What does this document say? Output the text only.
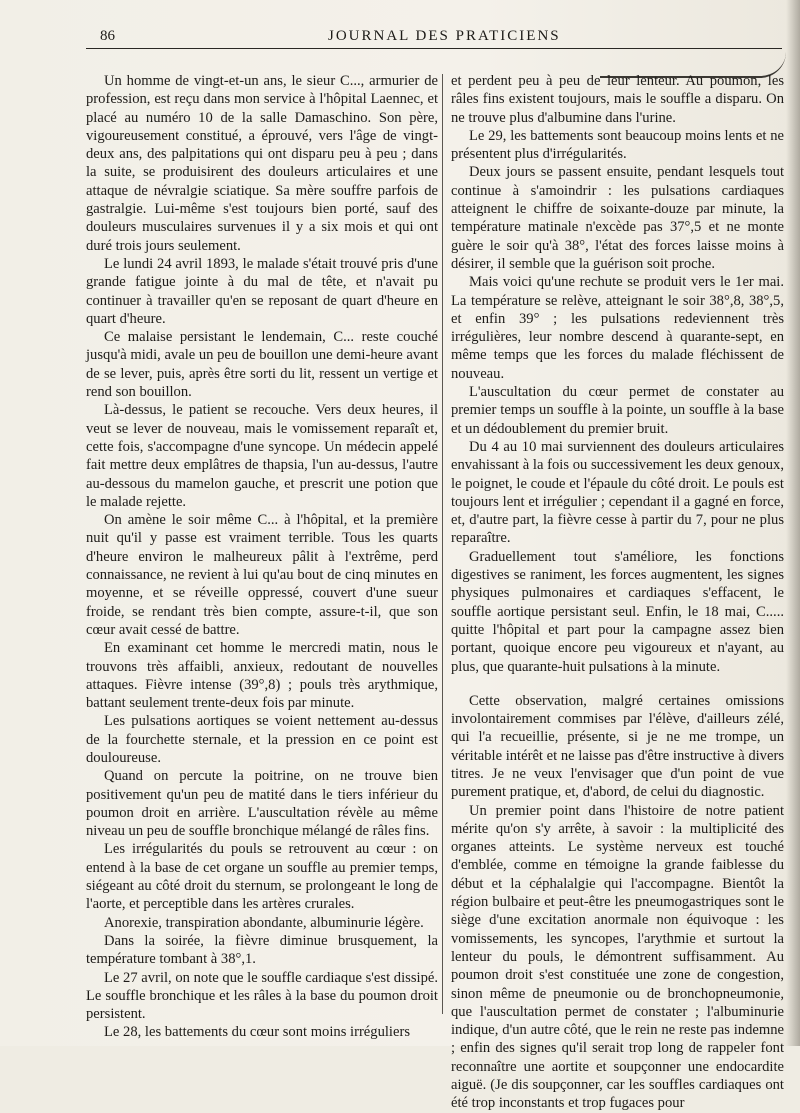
86	JOURNAL DES PRATICIENS

Un homme de vingt-et-un ans, le sieur C..., armurier de profession, est reçu dans mon service à l'hôpital Laennec, et placé au numéro 10 de la salle Damaschino. Son père, vigoureusement constitué, a éprouvé, vers l'âge de vingt-deux ans, des palpitations qui ont disparu peu à peu ; dans la suite, se produisirent des douleurs articulaires et une attaque de névralgie sciatique. Sa mère souffre parfois de gastralgie. Lui-même s'est toujours bien porté, sauf des douleurs musculaires survenues il y a six mois et qui ont duré trois jours seulement.

Le lundi 24 avril 1893, le malade s'était trouvé pris d'une grande fatigue jointe à du mal de tête, et n'avait pu continuer à travailler qu'en se reposant de quart d'heure en quart d'heure.

Ce malaise persistant le lendemain, C... reste couché jusqu'à midi, avale un peu de bouillon une demi-heure avant de se lever, puis, après être sorti du lit, ressent un vertige et rend son bouillon.

Là-dessus, le patient se recouche. Vers deux heures, il veut se lever de nouveau, mais le vomissement reparaît et, cette fois, s'accompagne d'une syncope. Un médecin appelé fait mettre deux emplâtres de thapsia, l'un au-dessus, l'autre au-dessous du mamelon gauche, et prescrit une potion que le malade rejette.

On amène le soir même C... à l'hôpital, et la première nuit qu'il y passe est vraiment terrible. Tous les quarts d'heure environ le malheureux pâlit à l'extrême, perd connaissance, ne revient à lui qu'au bout de cinq minutes en moyenne, et se réveille oppressé, couvert d'une sueur froide, se rendant très bien compte, assure-t-il, que son cœur avait cessé de battre.

En examinant cet homme le mercredi matin, nous le trouvons très affaibli, anxieux, redoutant de nouvelles attaques. Fièvre intense (39°,8) ; pouls très arythmique, battant seulement trente-deux fois par minute.

Les pulsations aortiques se voient nettement au-dessus de la fourchette sternale, et la pression en ce point est douloureuse.

Quand on percute la poitrine, on ne trouve bien positivement qu'un peu de matité dans le tiers inférieur du poumon droit en arrière. L'auscultation révèle au même niveau un peu de souffle bronchique mélangé de râles fins.

Les irrégularités du pouls se retrouvent au cœur : on entend à la base de cet organe un souffle au premier temps, siégeant au côté droit du sternum, se prolongeant le long de l'aorte, et perceptible dans les artères crurales.

Anorexie, transpiration abondante, albuminurie légère.

Dans la soirée, la fièvre diminue brusquement, la température tombant à 38°,1.

Le 27 avril, on note que le souffle cardiaque s'est dissipé. Le souffle bronchique et les râles à la base du poumon droit persistent.

Le 28, les battements du cœur sont moins irréguliers

et perdent peu à peu de leur lenteur. Au poumon, les râles fins existent toujours, mais le souffle a disparu. On ne trouve plus d'albumine dans l'urine.

Le 29, les battements sont beaucoup moins lents et ne présentent plus d'irrégularités.

Deux jours se passent ensuite, pendant lesquels tout continue à s'amoindrir : les pulsations cardiaques atteignent le chiffre de soixante-douze par minute, la température matinale n'excède pas 37°,5 et ne monte guère le soir qu'à 38°, l'état des forces laisse moins à désirer, il semble que la guérison soit proche.

Mais voici qu'une rechute se produit vers le 1er mai. La température se relève, atteignant le soir 38°,8, 38°,5, et enfin 39° ; les pulsations redeviennent très irrégulières, leur nombre descend à quarante-sept, en même temps que les forces du malade fléchissent de nouveau.

L'auscultation du cœur permet de constater au premier temps un souffle à la pointe, un souffle à la base et un dédoublement du premier bruit.

Du 4 au 10 mai surviennent des douleurs articulaires envahissant à la fois ou successivement les deux genoux, le poignet, le coude et l'épaule du côté droit. Le pouls est toujours lent et irrégulier ; cependant il a gagné en force, et, d'autre part, la fièvre cesse à partir du 7, pour ne plus reparaître.

Graduellement tout s'améliore, les fonctions digestives se raniment, les forces augmentent, les signes physiques pulmonaires et cardiaques s'effacent, le souffle aortique persistant seul. Enfin, le 18 mai, C..... quitte l'hôpital et part pour la campagne assez bien portant, quoique encore peu vigoureux et n'ayant, au plus, que quarante-huit pulsations à la minute.

Cette observation, malgré certaines omissions involontairement commises par l'élève, d'ailleurs zélé, qui l'a recueillie, présente, si je ne me trompe, un véritable intérêt et ne laisse pas d'être instructive à divers titres. Je ne veux l'envisager que d'un point de vue purement pratique, et, d'abord, de celui du diagnostic.

Un premier point dans l'histoire de notre patient mérite qu'on s'y arrête, à savoir : la multiplicité des organes atteints. Le système nerveux est touché d'emblée, comme en témoigne la grande faiblesse du début et la céphalalgie qui l'accompagne. Bientôt la région bulbaire et peut-être les pneumogastriques sont le siège d'une excitation anormale non équivoque : les vomissements, les syncopes, l'arythmie et surtout la lenteur du pouls, le démontrent suffisamment. Au poumon droit s'est constituée une zone de congestion, sinon même de pneumonie ou de bronchopneumonie, que l'auscultation permet de constater ; l'albuminurie indique, d'un autre côté, que le rein ne reste pas indemne ; enfin des signes qu'il serait trop long de rappeler font reconnaître une aortite et soupçonner une endocardite aiguë. (Je dis soupçonner, car les souffles cardiaques ont été trop inconstants et trop fugaces pour
